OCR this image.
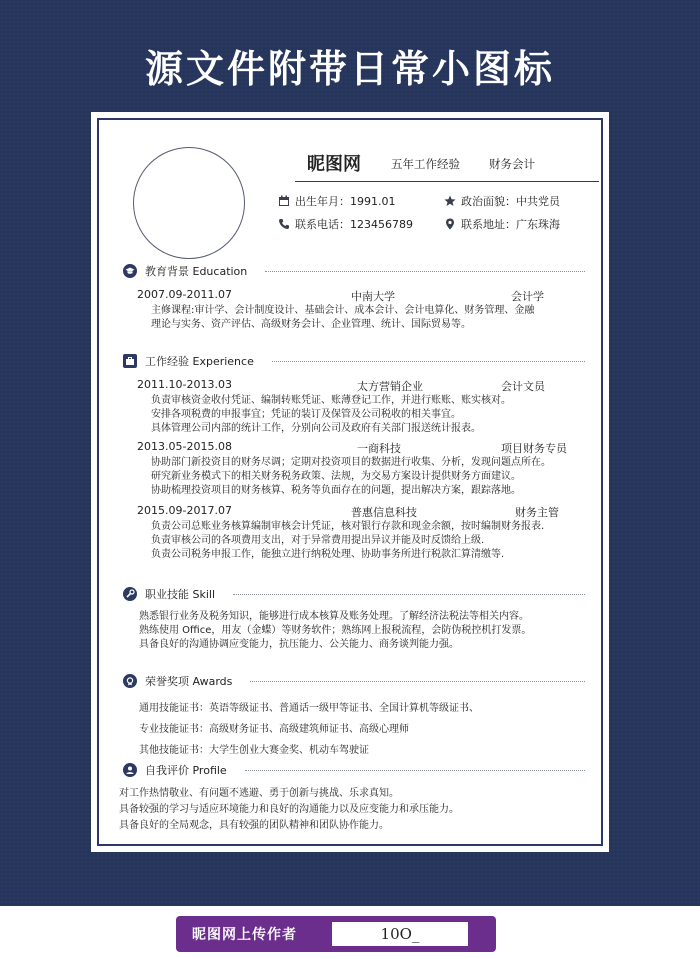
源文件附带日常小图标
昵图网	五年工作经验	财务会计
出生年月：1991.01	政治面貌：中共党员
联系电话：123456789	联系地址：广东珠海
教育背景 Education
2007.09-2011.07	中南大学	会计学
主修课程:审计学、会计制度设计、基础会计、成本会计、会计电算化、财务管理、金融
理论与实务、资产评估、高级财务会计、企业管理、统计、国际贸易等。
工作经验 Experience
2011.10-2013.03	太方营销企业	会计文员
负责审核资金收付凭证、编制转账凭证、账薄登记工作，并进行账账、账实核对。
安排各项税费的申报事宜；凭证的装订及保管及公司税收的相关事宜。
具体管理公司内部的统计工作，分别向公司及政府有关部门报送统计报表。
2013.05-2015.08	一商科技	项目财务专员
协助部门新投资目的财务尽调；定期对投资项目的数据进行收集、分析，发现问题点所在。
研究新业务模式下的相关财务税务政策、法规，为交易方案设计提供财务方面建议。
协助梳理投资项目的财务核算、税务等负面存在的问题，提出解决方案，跟踪落地。
2015.09-2017.07	普惠信息科技	财务主管
负责公司总账业务核算编制审核会计凭证，核对银行存款和现金余额，按时编制财务报表.
负责审核公司的各项费用支出，对于异常费用提出异议并能及时反馈给上级.
负责公司税务申报工作，能独立进行纳税处理、协助事务所进行税款汇算清缴等.
职业技能 Skill
熟悉银行业务及税务知识，能够进行成本核算及账务处理。了解经济法税法等相关内容。
熟练使用 Office，用友（金蝶）等财务软件；熟练网上报税流程，会防伪税控机打发票。
具备良好的沟通协调应变能力，抗压能力、公关能力、商务谈判能力强。
荣誉奖项 Awards
通用技能证书：英语等级证书、普通话一级甲等证书、全国计算机等级证书、
专业技能证书：高级财务证书、高级建筑师证书、高级心理师
其他技能证书：大学生创业大赛金奖、机动车驾驶证
自我评价 Profile
对工作热情敬业、有问题不逃避、勇于创新与挑战、乐求真知。
具备较强的学习与适应环境能力和良好的沟通能力以及应变能力和承压能力。
具备良好的全局观念，具有较强的团队精神和团队协作能力。
昵图网上传作者	10O_
